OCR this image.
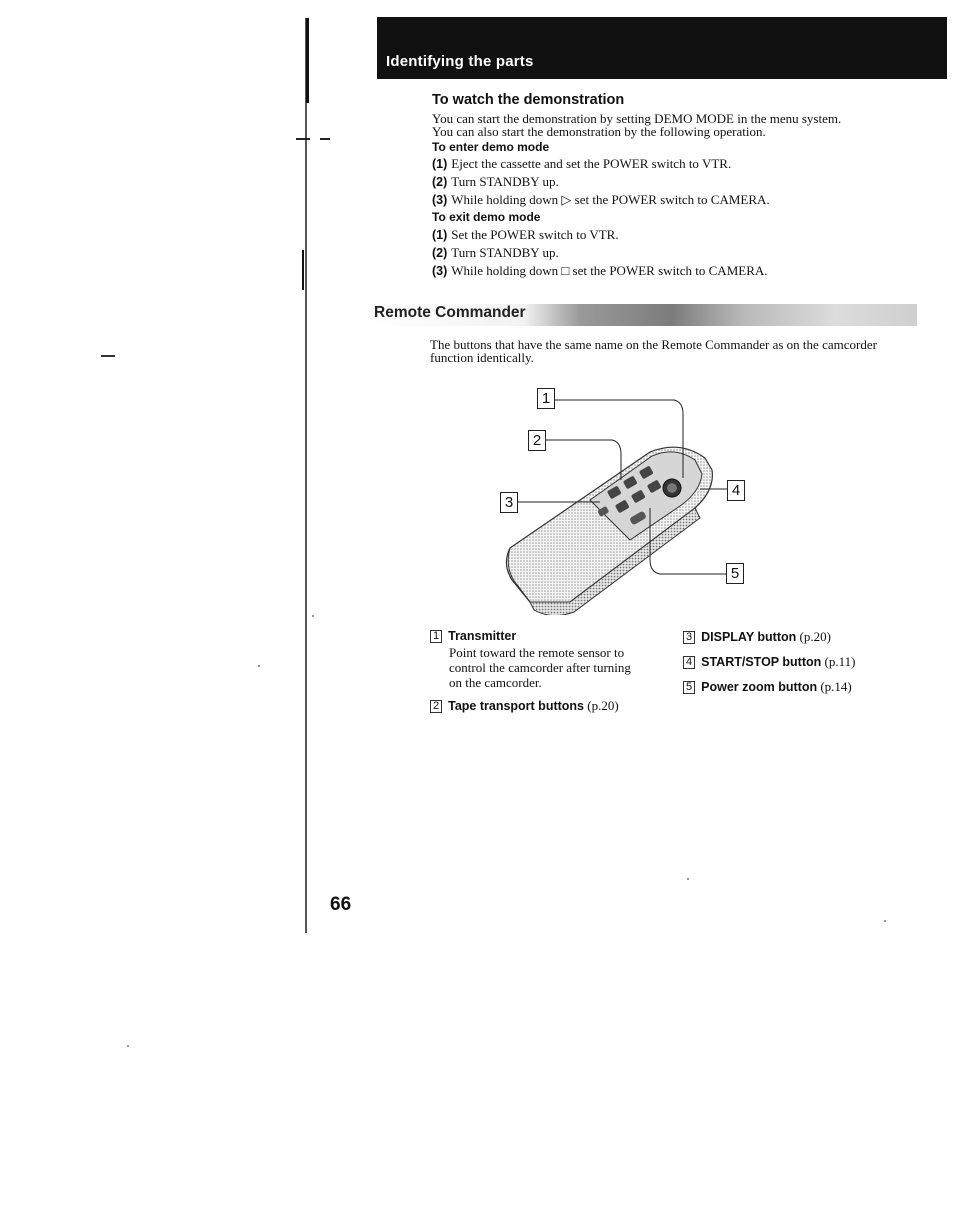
Identifying the parts
To watch the demonstration
You can start the demonstration by setting DEMO MODE in the menu system.
You can also start the demonstration by the following operation.
To enter demo mode
(1) Eject the cassette and set the POWER switch to VTR.
(2) Turn STANDBY up.
(3) While holding down ▷ set the POWER switch to CAMERA.
To exit demo mode
(1) Set the POWER switch to VTR.
(2) Turn STANDBY up.
(3) While holding down □ set the POWER switch to CAMERA.
Remote Commander
The buttons that have the same name on the Remote Commander as on the camcorder
function identically.
1
2
3
4
5
1 Transmitter
Point toward the remote sensor to
control the camcorder after turning
on the camcorder.
2 Tape transport buttons (p.20)
3 DISPLAY button (p.20)
4 START/STOP button (p.11)
5 Power zoom button (p.14)
66
